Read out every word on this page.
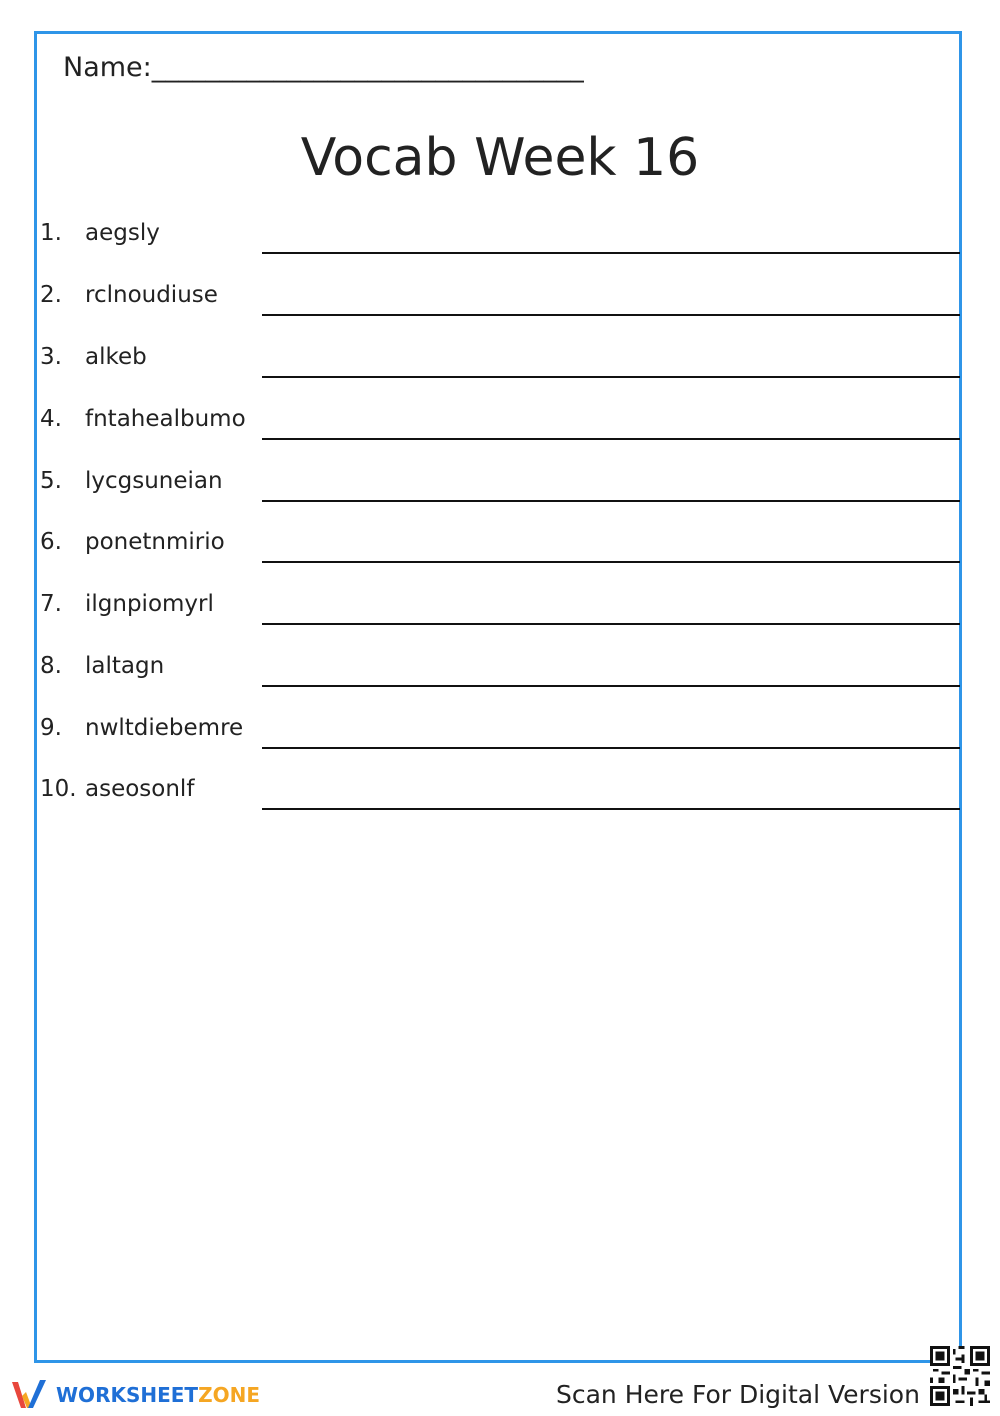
Name:________________________________
Vocab Week 16
1. aegsly
2. rclnoudiuse
3. alkeb
4. fntahealbumo
5. lycgsuneian
6. ponetnmirio
7. ilgnpiomyrl
8. laltagn
9. nwltdiebemre
10. aseosonlf
WORKSHEETZONE	Scan Here For Digital Version
